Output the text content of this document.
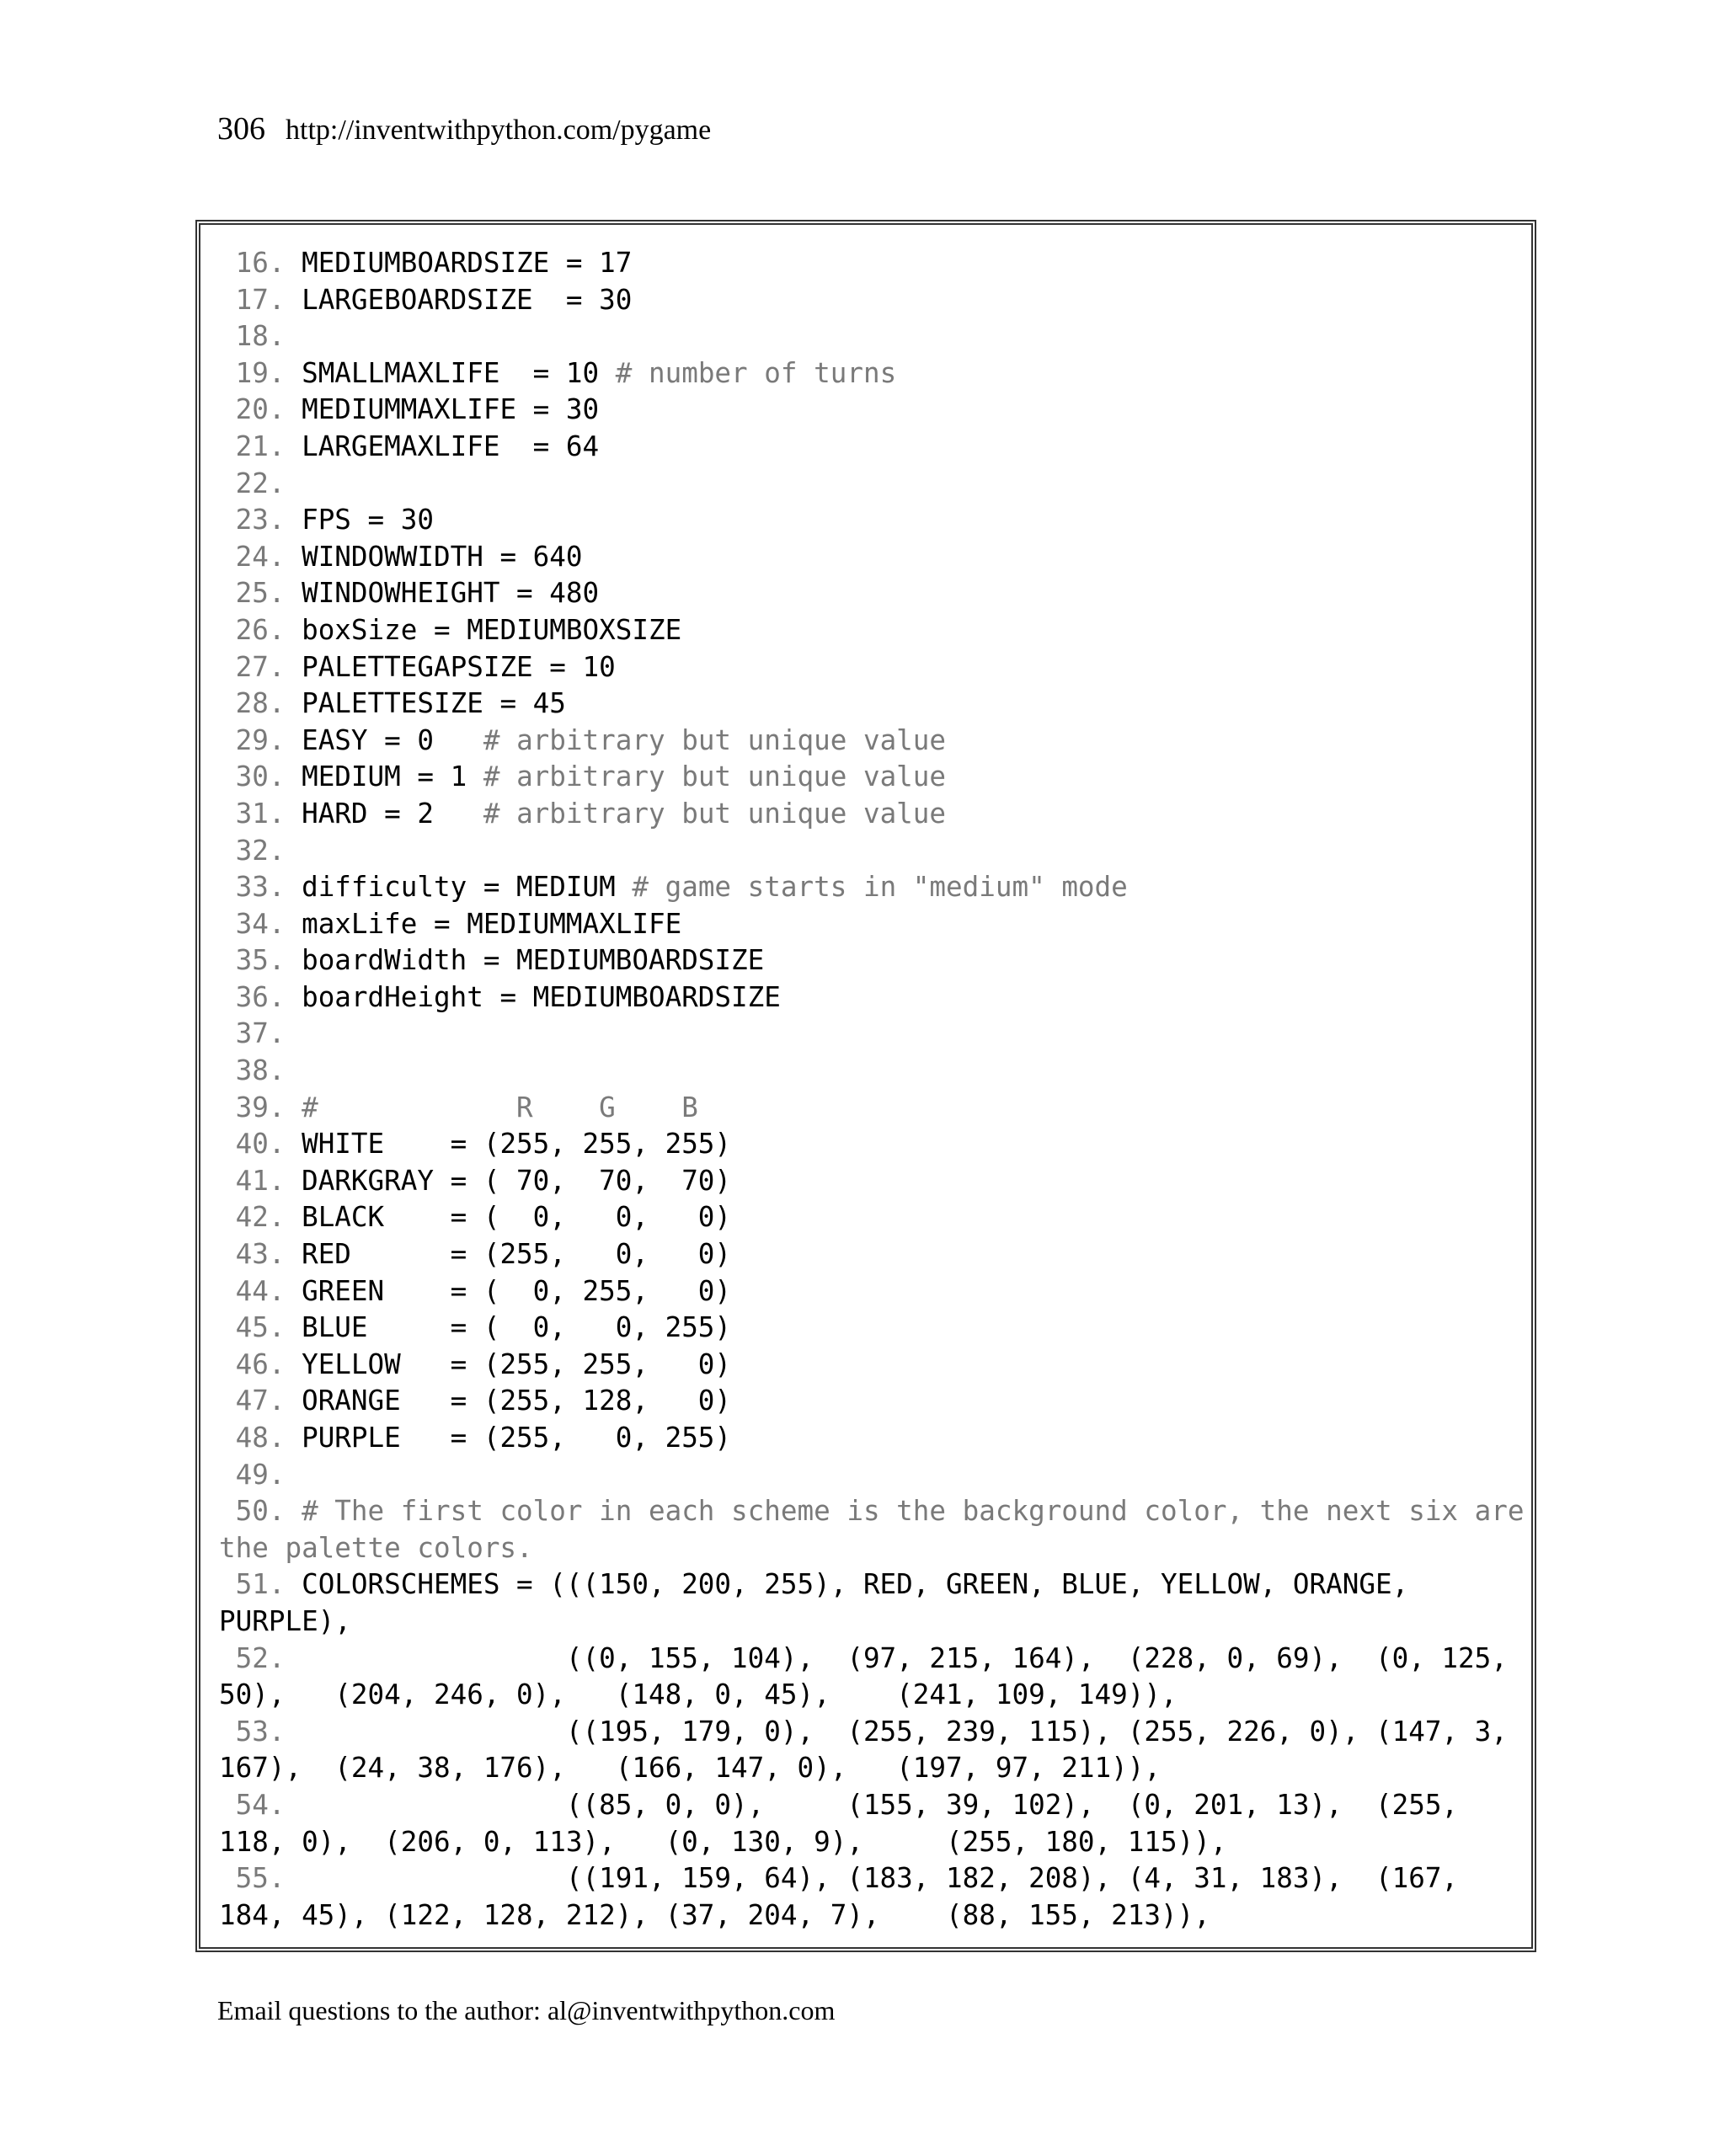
306 http://inventwithpython.com/pygame
16. MEDIUMBOARDSIZE = 17
17. LARGEBOARDSIZE  = 30
18.
19. SMALLMAXLIFE  = 10 # number of turns
20. MEDIUMMAXLIFE = 30
21. LARGEMAXLIFE  = 64
22.
23. FPS = 30
24. WINDOWWIDTH = 640
25. WINDOWHEIGHT = 480
26. boxSize = MEDIUMBOXSIZE
27. PALETTEGAPSIZE = 10
28. PALETTESIZE = 45
29. EASY = 0   # arbitrary but unique value
30. MEDIUM = 1 # arbitrary but unique value
31. HARD = 2   # arbitrary but unique value
32.
33. difficulty = MEDIUM # game starts in "medium" mode
34. maxLife = MEDIUMMAXLIFE
35. boardWidth = MEDIUMBOARDSIZE
36. boardHeight = MEDIUMBOARDSIZE
37.
38.
39. #            R    G    B
40. WHITE    = (255, 255, 255)
41. DARKGRAY = ( 70,  70,  70)
42. BLACK    = (  0,   0,   0)
43. RED      = (255,   0,   0)
44. GREEN    = (  0, 255,   0)
45. BLUE     = (  0,   0, 255)
46. YELLOW   = (255, 255,   0)
47. ORANGE   = (255, 128,   0)
48. PURPLE   = (255,   0, 255)
49.
50. # The first color in each scheme is the background color, the next six are
the palette colors.
51. COLORSCHEMES = (((150, 200, 255), RED, GREEN, BLUE, YELLOW, ORANGE,
PURPLE),
52.                 ((0, 155, 104),  (97, 215, 164),  (228, 0, 69),  (0, 125,
50),   (204, 246, 0),   (148, 0, 45),    (241, 109, 149)),
53.                 ((195, 179, 0),  (255, 239, 115), (255, 226, 0), (147, 3,
167),  (24, 38, 176),   (166, 147, 0),   (197, 97, 211)),
54.                 ((85, 0, 0),     (155, 39, 102),  (0, 201, 13),  (255,
118, 0),  (206, 0, 113),   (0, 130, 9),     (255, 180, 115)),
55.                 ((191, 159, 64), (183, 182, 208), (4, 31, 183),  (167,
184, 45), (122, 128, 212), (37, 204, 7),    (88, 155, 213)),
Email questions to the author: al@inventwithpython.com
